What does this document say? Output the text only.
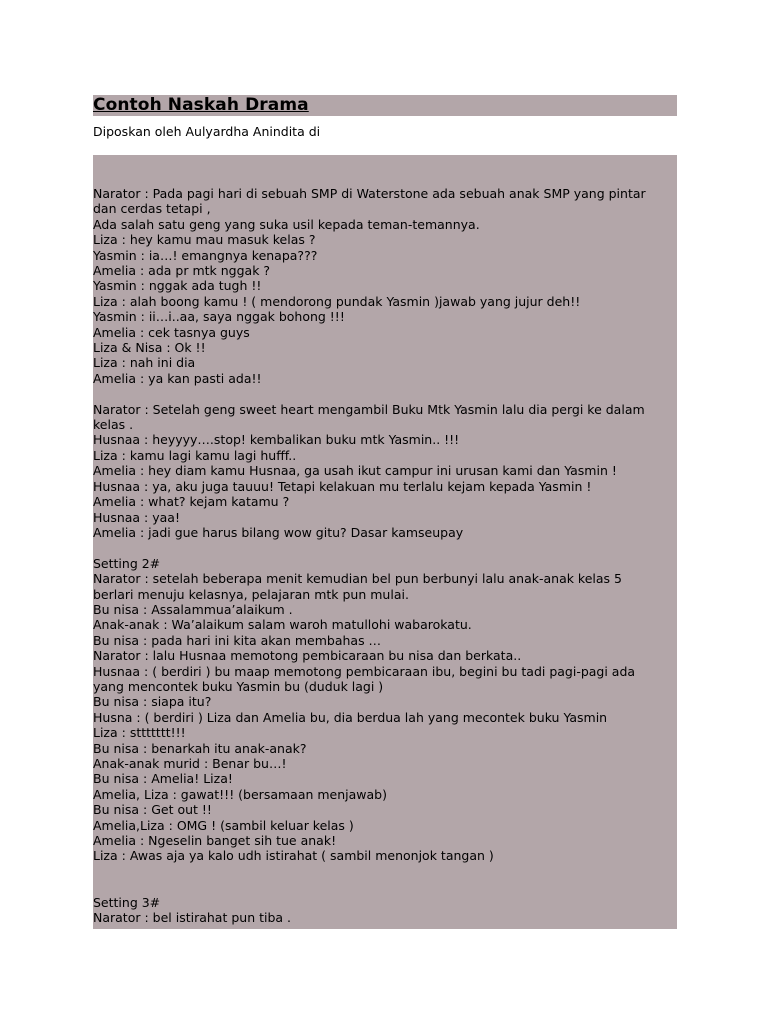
Contoh Naskah Drama
Diposkan oleh Aulyardha Anindita di
Narator : Pada pagi hari di sebuah SMP di Waterstone ada sebuah anak SMP yang pintar
dan cerdas tetapi ,
Ada salah satu geng yang suka usil kepada teman-temannya.
Liza : hey kamu mau masuk kelas ?
Yasmin : ia…! emangnya kenapa???
Amelia : ada pr mtk nggak ?
Yasmin : nggak ada tugh !!
Liza : alah boong kamu ! ( mendorong pundak Yasmin )jawab yang jujur deh!!
Yasmin : ii…i..aa, saya nggak bohong !!!
Amelia : cek tasnya guys
Liza & Nisa : Ok !!
Liza : nah ini dia
Amelia : ya kan pasti ada!!
Narator : Setelah geng sweet heart mengambil Buku Mtk Yasmin lalu dia pergi ke dalam
kelas .
Husnaa : heyyyy….stop! kembalikan buku mtk Yasmin.. !!!
Liza : kamu lagi kamu lagi hufff..
Amelia : hey diam kamu Husnaa, ga usah ikut campur ini urusan kami dan Yasmin !
Husnaa : ya, aku juga tauuu! Tetapi kelakuan mu terlalu kejam kepada Yasmin !
Amelia : what? kejam katamu ?
Husnaa : yaa!
Amelia : jadi gue harus bilang wow gitu? Dasar kamseupay
Setting 2#
Narator : setelah beberapa menit kemudian bel pun berbunyi lalu anak-anak kelas 5
berlari menuju kelasnya, pelajaran mtk pun mulai.
Bu nisa : Assalammua’alaikum .
Anak-anak : Wa’alaikum salam waroh matullohi wabarokatu.
Bu nisa : pada hari ini kita akan membahas …
Narator : lalu Husnaa memotong pembicaraan bu nisa dan berkata..
Husnaa : ( berdiri ) bu maap memotong pembicaraan ibu, begini bu tadi pagi-pagi ada
yang mencontek buku Yasmin bu (duduk lagi )
Bu nisa : siapa itu?
Husna : ( berdiri ) Liza dan Amelia bu, dia berdua lah yang mecontek buku Yasmin
Liza : sttttttt!!!
Bu nisa : benarkah itu anak-anak?
Anak-anak murid : Benar bu…!
Bu nisa : Amelia! Liza!
Amelia, Liza : gawat!!! (bersamaan menjawab)
Bu nisa : Get out !!
Amelia,Liza : OMG ! (sambil keluar kelas )
Amelia : Ngeselin banget sih tue anak!
Liza : Awas aja ya kalo udh istirahat ( sambil menonjok tangan )
Setting 3#
Narator : bel istirahat pun tiba .
